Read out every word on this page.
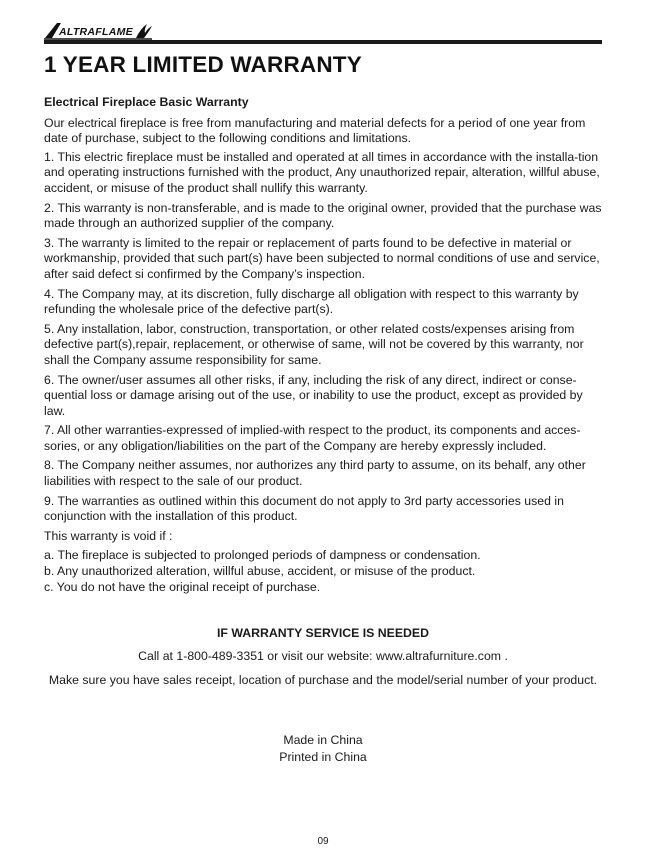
ALTRAFLAME
1 YEAR LIMITED WARRANTY

Electrical Fireplace Basic Warranty

Our electrical fireplace is free from manufacturing and material defects for a period of one year from date of purchase, subject to the following conditions and limitations.

1. This electric fireplace must be installed and operated at all times in accordance with the installa-tion and operating instructions furnished with the product, Any unauthorized repair, alteration, willful abuse, accident, or misuse of the product shall nullify this warranty.

2. This warranty is non-transferable, and is made to the original owner, provided that the purchase was made through an authorized supplier of the company.

3. The warranty is limited to the repair or replacement of parts found to be defective in material or workmanship, provided that such part(s) have been subjected to normal conditions of use and service, after said defect si confirmed by the Company’s inspection.

4. The Company may, at its discretion, fully discharge all obligation with respect to this warranty by refunding the wholesale price of the defective part(s).

5. Any installation, labor, construction, transportation, or other related costs/expenses arising from defective part(s),repair, replacement, or otherwise of same, will not be covered by this warranty, nor shall the Company assume responsibility for same.

6. The owner/user assumes all other risks, if any, including the risk of any direct, indirect or conse-quential loss or damage arising out of the use, or inability to use the product, except as provided by law.

7. All other warranties-expressed of implied-with respect to the product, its components and acces-sories, or any obligation/liabilities on the part of the Company are hereby expressly included.

8. The Company neither assumes, nor authorizes any third party to assume, on its behalf, any other liabilities with respect to the sale of our product.

9. The warranties as outlined within this document do not apply to 3rd party accessories used in conjunction with the installation of this product.

This warranty is void if :

a. The fireplace is subjected to prolonged periods of dampness or condensation.

b. Any unauthorized alteration, willful abuse, accident, or misuse of the product.

c. You do not have the original receipt of purchase.

IF WARRANTY SERVICE IS NEEDED

Call at 1-800-489-3351 or visit our website: www.altrafurniture.com .

Make sure you have sales receipt, location of purchase and the model/serial number of your product.

Made in China

Printed in China

09
